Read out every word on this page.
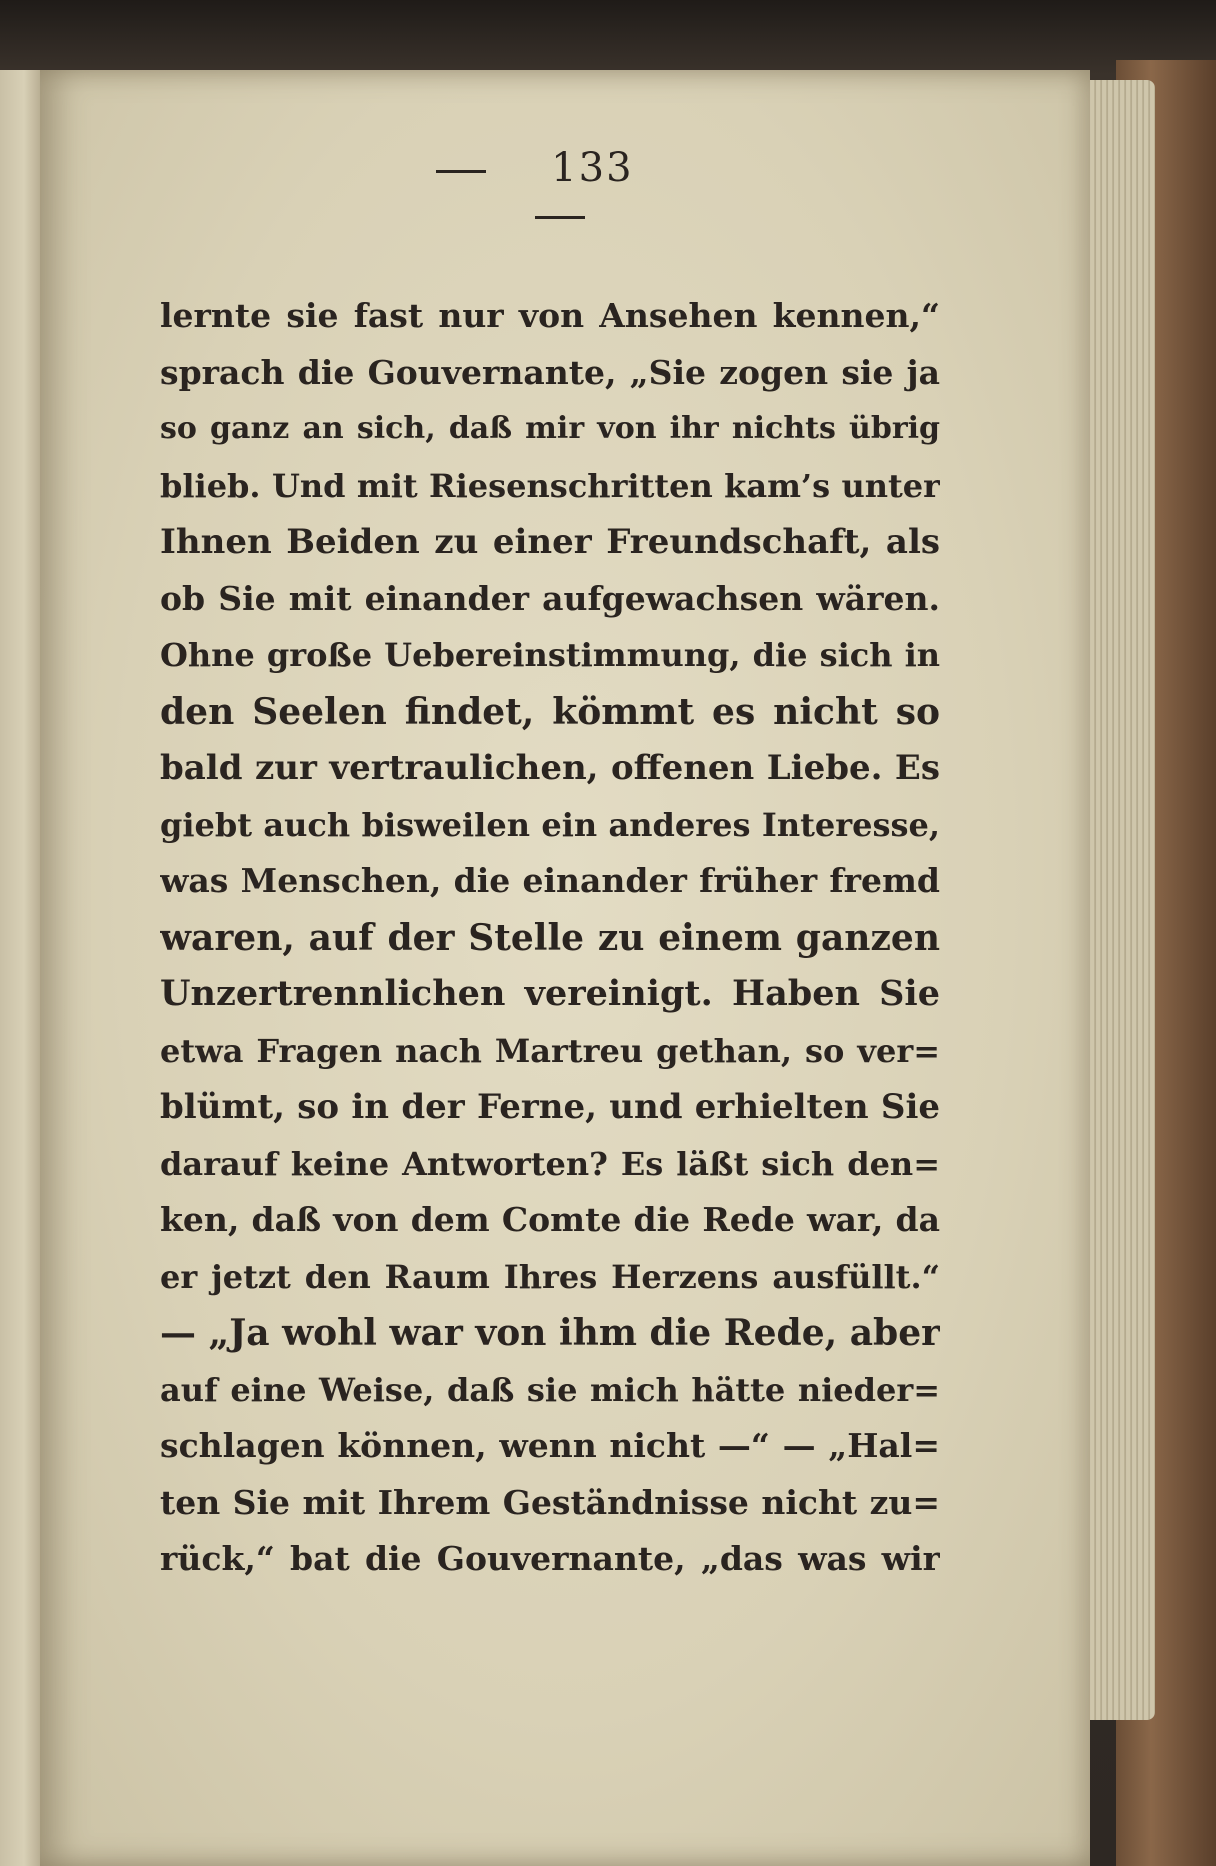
133
lernte sie fast nur von Ansehen kennen,“
sprach die Gouvernante, „Sie zogen sie ja
so ganz an sich, daß mir von ihr nichts übrig
blieb. Und mit Riesenschritten kam’s unter
Ihnen Beiden zu einer Freundschaft, als
ob Sie mit einander aufgewachsen wären.
Ohne große Uebereinstimmung, die sich in
den Seelen findet, kömmt es nicht so
bald zur vertraulichen, offenen Liebe. Es
giebt auch bisweilen ein anderes Interesse,
was Menschen, die einander früher fremd
waren, auf der Stelle zu einem ganzen
Unzertrennlichen vereinigt. Haben Sie
etwa Fragen nach Martreu gethan, so ver=
blümt, so in der Ferne, und erhielten Sie
darauf keine Antworten? Es läßt sich den=
ken, daß von dem Comte die Rede war, da
er jetzt den Raum Ihres Herzens ausfüllt.“
— „Ja wohl war von ihm die Rede, aber
auf eine Weise, daß sie mich hätte nieder=
schlagen können, wenn nicht —“ — „Hal=
ten Sie mit Ihrem Geständnisse nicht zu=
rück,“ bat die Gouvernante, „das was wir
